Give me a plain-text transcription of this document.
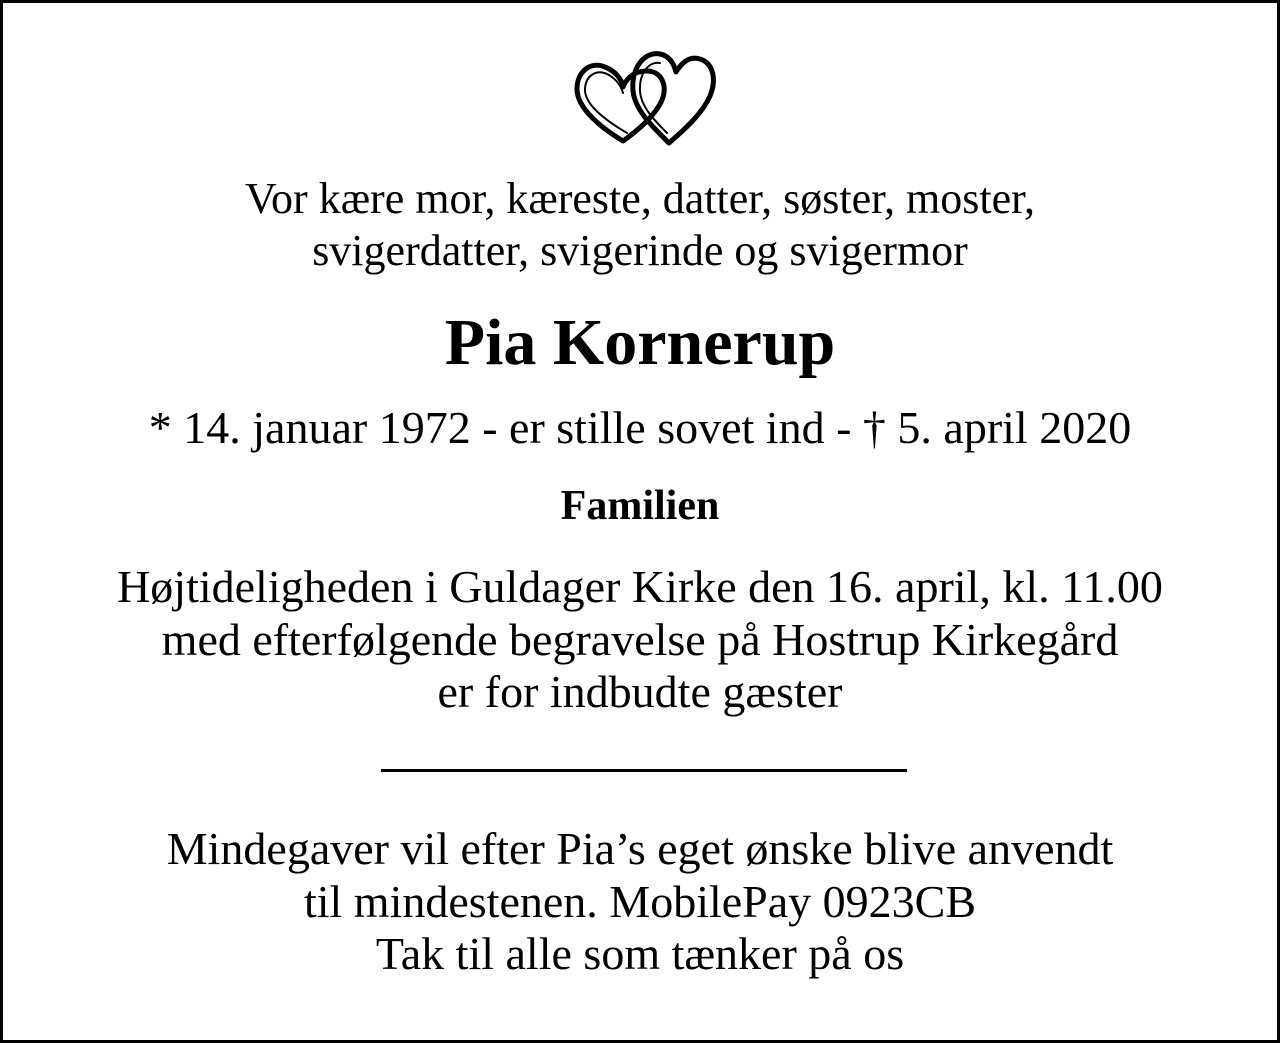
Vor kære mor, kæreste, datter, søster, moster,
svigerdatter, svigerinde og svigermor
Pia Kornerup
* 14. januar 1972 - er stille sovet ind - † 5. april 2020
Familien
Højtideligheden i Guldager Kirke den 16. april, kl. 11.00
med efterfølgende begravelse på Hostrup Kirkegård
er for indbudte gæster
Mindegaver vil efter Pia’s eget ønske blive anvendt
til mindestenen. MobilePay 0923CB
Tak til alle som tænker på os
